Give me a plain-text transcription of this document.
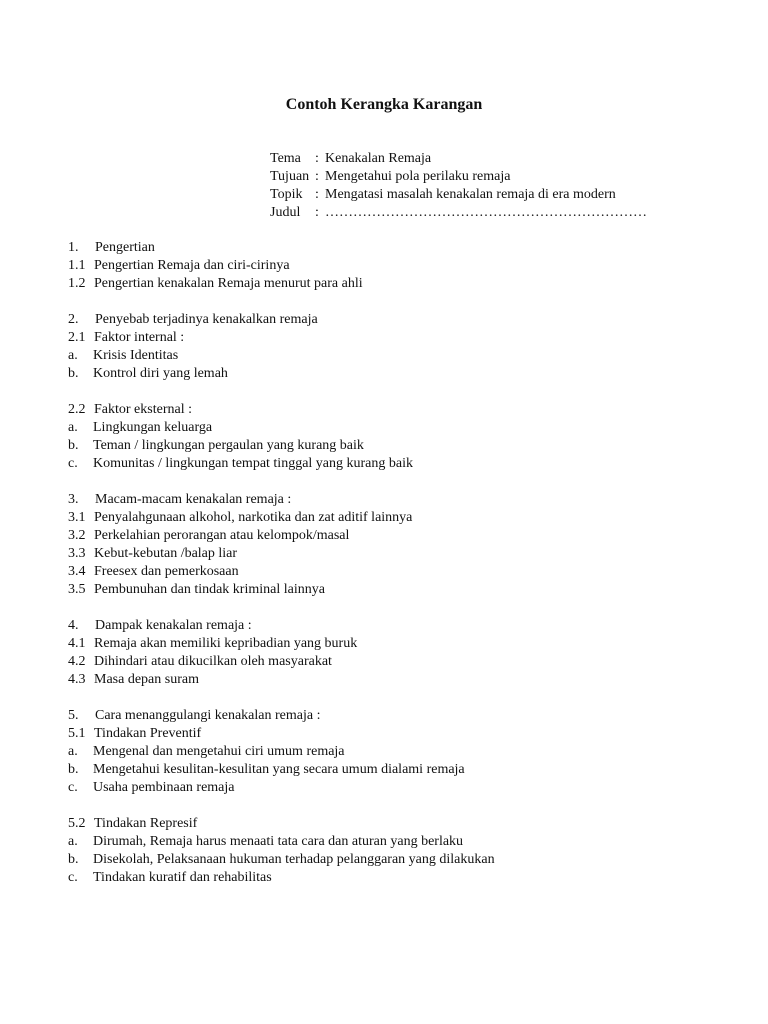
Contoh Kerangka Karangan
Tema	: Kenakalan Remaja
Tujuan : Mengetahui pola perilaku remaja
Topik : Mengatasi masalah kenakalan remaja di era modern
Judul	: ……………………………………………………………
1.	Pengertian
1.1 Pengertian Remaja dan ciri-cirinya
1.2 Pengertian kenakalan Remaja menurut para ahli
2.	Penyebab terjadinya kenakalkan remaja
2.1 Faktor internal :
a.	Krisis Identitas
b.	Kontrol diri yang lemah
2.2 Faktor eksternal :
a.	Lingkungan keluarga
b.	Teman / lingkungan pergaulan yang kurang baik
c.	Komunitas / lingkungan tempat tinggal yang kurang baik
3.	Macam-macam kenakalan remaja :
3.1 Penyalahgunaan alkohol, narkotika dan zat aditif lainnya
3.2 Perkelahian perorangan atau kelompok/masal
3.3 Kebut-kebutan /balap liar
3.4 Freesex dan pemerkosaan
3.5 Pembunuhan dan tindak kriminal lainnya
4.	Dampak kenakalan remaja :
4.1 Remaja akan memiliki kepribadian yang buruk
4.2 Dihindari atau dikucilkan oleh masyarakat
4.3 Masa depan suram
5.	Cara menanggulangi kenakalan remaja :
5.1 Tindakan Preventif
a.	Mengenal dan mengetahui ciri umum remaja
b.	Mengetahui kesulitan-kesulitan yang secara umum dialami remaja
c.	Usaha pembinaan remaja
5.2 Tindakan Represif
a.	Dirumah, Remaja harus menaati tata cara dan aturan yang berlaku
b.	Disekolah, Pelaksanaan hukuman terhadap pelanggaran yang dilakukan
c.	Tindakan kuratif dan rehabilitas
